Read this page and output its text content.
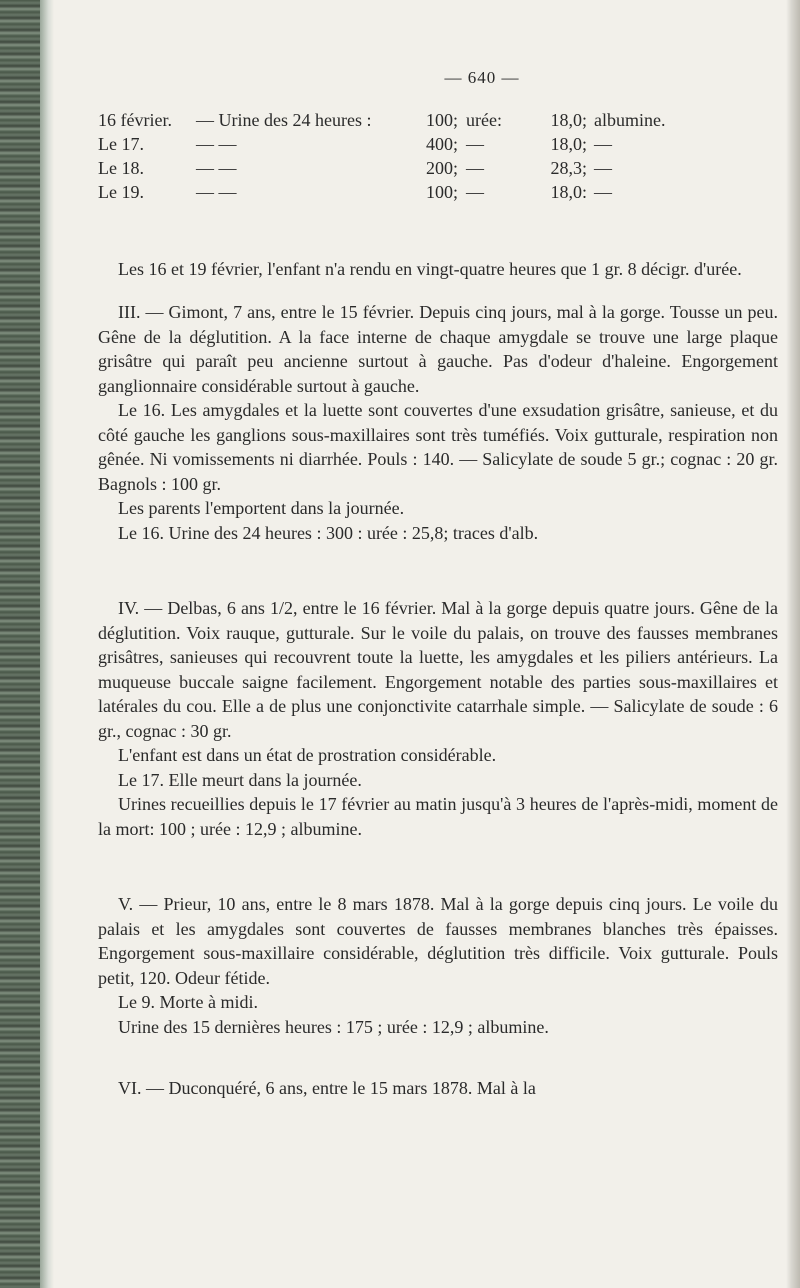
— 640 —
16 février. — Urine des 24 heures :	100; urée:	18,0; albumine.
Le 17.	— —	400; —	18,0; —
Le 18.	— —	200; —	28,3; —
Le 19.	— —	100; —	18,0: —

Les 16 et 19 février, l'enfant n'a rendu en vingt-quatre heures que 1 gr. 8 décigr. d'urée.

III. — Gimont, 7 ans, entre le 15 février. Depuis cinq jours, mal à la gorge. Tousse un peu. Gêne de la déglutition. A la face interne de chaque amygdale se trouve une large plaque grisâtre qui paraît peu ancienne surtout à gauche. Pas d'odeur d'haleine. Engorgement ganglionnaire considérable surtout à gauche.

Le 16. Les amygdales et la luette sont couvertes d'une exsudation grisâtre, sanieuse, et du côté gauche les ganglions sous-maxillaires sont très tuméfiés. Voix gutturale, respiration non gênée. Ni vomissements ni diarrhée. Pouls : 140. — Salicylate de soude 5 gr.; cognac : 20 gr. Bagnols : 100 gr.

Les parents l'emportent dans la journée.

Le 16. Urine des 24 heures : 300 : urée : 25,8; traces d'alb.

IV. — Delbas, 6 ans 1/2, entre le 16 février. Mal à la gorge depuis quatre jours. Gêne de la déglutition. Voix rauque, gutturale. Sur le voile du palais, on trouve des fausses membranes grisâtres, sanieuses qui recouvrent toute la luette, les amygdales et les piliers antérieurs. La muqueuse buccale saigne facilement. Engorgement notable des parties sous-maxillaires et latérales du cou. Elle a de plus une conjonctivite catarrhale simple. — Salicylate de soude : 6 gr., cognac : 30 gr.

L'enfant est dans un état de prostration considérable.

Le 17. Elle meurt dans la journée.

Urines recueillies depuis le 17 février au matin jusqu'à 3 heures de l'après-midi, moment de la mort: 100 ; urée : 12,9 ; albumine.

V. — Prieur, 10 ans, entre le 8 mars 1878. Mal à la gorge depuis cinq jours. Le voile du palais et les amygdales sont couvertes de fausses membranes blanches très épaisses. Engorgement sous-maxillaire considérable, déglutition très difficile. Voix gutturale. Pouls petit, 120. Odeur fétide.

Le 9. Morte à midi.

Urine des 15 dernières heures : 175 ; urée : 12,9 ; albumine.

VI. — Duconquéré, 6 ans, entre le 15 mars 1878. Mal à la
